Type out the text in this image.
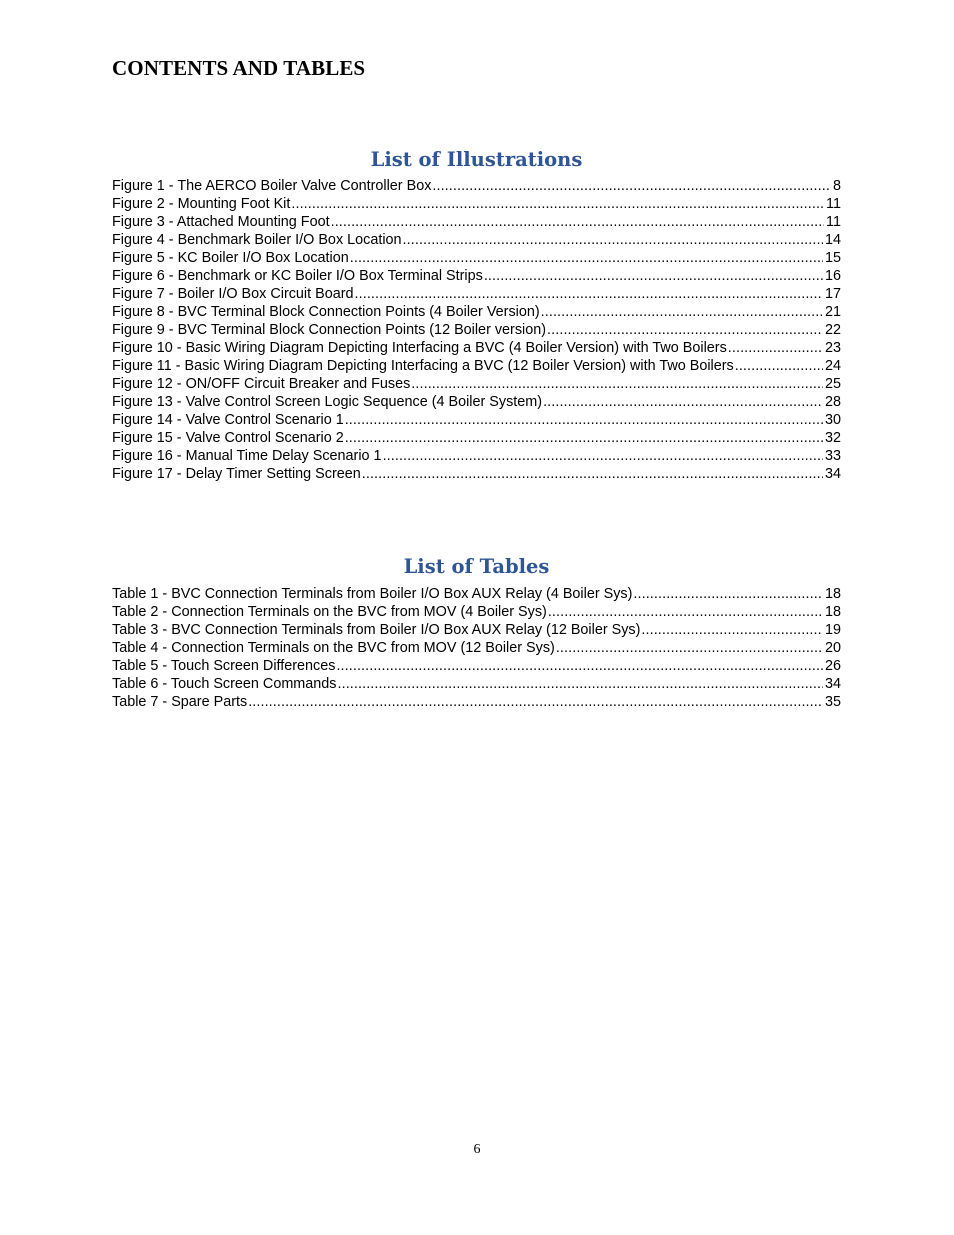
CONTENTS AND TABLES
List of Illustrations
Figure 1 - The AERCO Boiler Valve Controller Box .....	8
Figure 2 - Mounting Foot Kit .....	11
Figure 3 - Attached Mounting Foot .....	11
Figure 4 - Benchmark Boiler I/O Box Location .....	14
Figure 5 - KC Boiler I/O Box Location .....	15
Figure 6 - Benchmark or KC Boiler I/O Box Terminal Strips .....	16
Figure 7 - Boiler I/O Box Circuit Board .....	17
Figure 8 - BVC Terminal Block Connection Points (4 Boiler Version) .....	21
Figure 9 - BVC Terminal Block Connection Points (12 Boiler version) .....	22
Figure 10 - Basic Wiring Diagram Depicting Interfacing a BVC (4 Boiler Version) with Two Boilers .....	23
Figure 11 - Basic Wiring Diagram Depicting Interfacing a BVC (12 Boiler Version) with Two Boilers .....	24
Figure 12 - ON/OFF Circuit Breaker and Fuses .....	25
Figure 13 - Valve Control Screen Logic Sequence (4 Boiler System) .....	28
Figure 14 - Valve Control Scenario 1 .....	30
Figure 15 - Valve Control Scenario 2 .....	32
Figure 16 - Manual Time Delay Scenario 1 .....	33
Figure 17 - Delay Timer Setting Screen .....	34
List of Tables
Table 1 - BVC Connection Terminals from Boiler I/O Box AUX Relay (4 Boiler Sys) .....	18
Table 2 - Connection Terminals on the BVC from MOV (4 Boiler Sys) .....	18
Table 3 - BVC Connection Terminals from Boiler I/O Box AUX Relay (12 Boiler Sys) .....	19
Table 4 - Connection Terminals on the BVC from MOV (12 Boiler Sys) .....	20
Table 5 - Touch Screen Differences .....	26
Table 6 - Touch Screen Commands .....	34
Table 7 - Spare Parts .....	35
6
